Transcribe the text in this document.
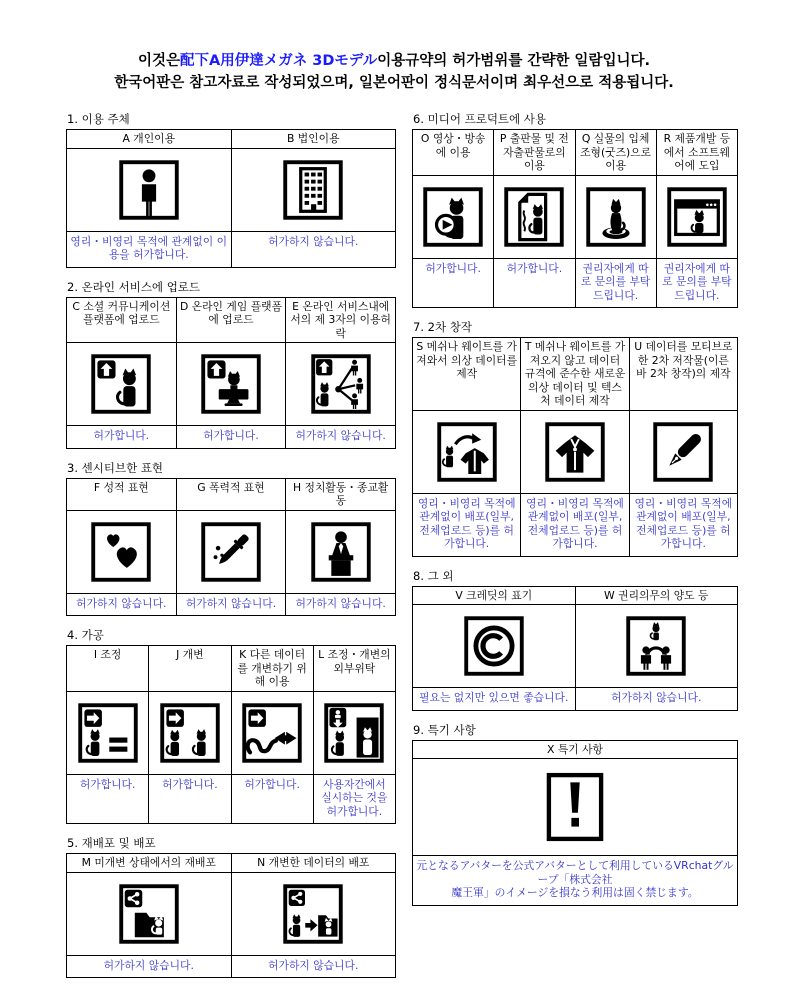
이것은配下A用伊達メガネ 3Dモデル이용규약의 허가범위를 간략한 일람입니다.
한국어판은 참고자료로 작성되었으며, 일본어판이 정식문서이며 최우선으로 적용됩니다.
1. 이용 주체
A 개인이용	B 법인이용

영리・비영리 목적에 관계없이 이용을 허가합니다.	허가하지 않습니다.
2. 온라인 서비스에 업로드
C 소셜 커뮤니케이션 플랫폼에 업로드	D 온라인 게임 플랫폼에 업로드	E 온라인 서비스내에서의 제 3자의 이용허락

허가합니다.	허가합니다.	허가하지 않습니다.
3. 센시티브한 표현
F 성적 표현	G 폭력적 표현	H 정치활동・종교활동

허가하지 않습니다.	허가하지 않습니다.	허가하지 않습니다.
4. 가공
I 조정	J 개변	K 다른 데이터를 개변하기 위해 이용	L 조정・개변의 외부위탁

허가합니다.	허가합니다.	허가합니다.	사용자간에서 실시하는 것을 허가합니다.
5. 재배포 및 배포
M 미개변 상태에서의 재배포	N 개변한 데이터의 배포

허가하지 않습니다.	허가하지 않습니다.
6. 미디어 프로덕트에 사용
O 영상・방송에 이용	P 출판물 및 전자출판물로의 이용	Q 실물의 입체조형(굿즈)으로 이용	R 제품개발 등에서 소프트웨어에 도입

허가합니다.	허가합니다.	권리자에게 따로 문의를 부탁드립니다.	권리자에게 따로 문의를 부탁드립니다.
7. 2차 창작
S 메쉬나 웨이트를 가져와서 의상 데이터를 제작	T 메쉬나 웨이트를 가져오지 않고 데이터 규격에 준수한 새로운 의상 데이터 및 텍스처 데이터 제작	U 데이터를 모티브로 한 2차 저작물(이른바 2차 창작)의 제작

영리・비영리 목적에 관계없이 배포(일부, 전체업로드 등)를 허가합니다.	영리・비영리 목적에 관계없이 배포(일부, 전체업로드 등)를 허가합니다.	영리・비영리 목적에 관계없이 배포(일부, 전체업로드 등)를 허가합니다.
8. 그 외
V 크레딧의 표기	W 권리의무의 양도 등

필요는 없지만 있으면 좋습니다.	허가하지 않습니다.
9. 특기 사항
X 특기 사항

元となるアバターを公式アバターとして利用しているVRchatグループ「株式会社
魔王軍」のイメージを損なう利用は固く禁じます。
